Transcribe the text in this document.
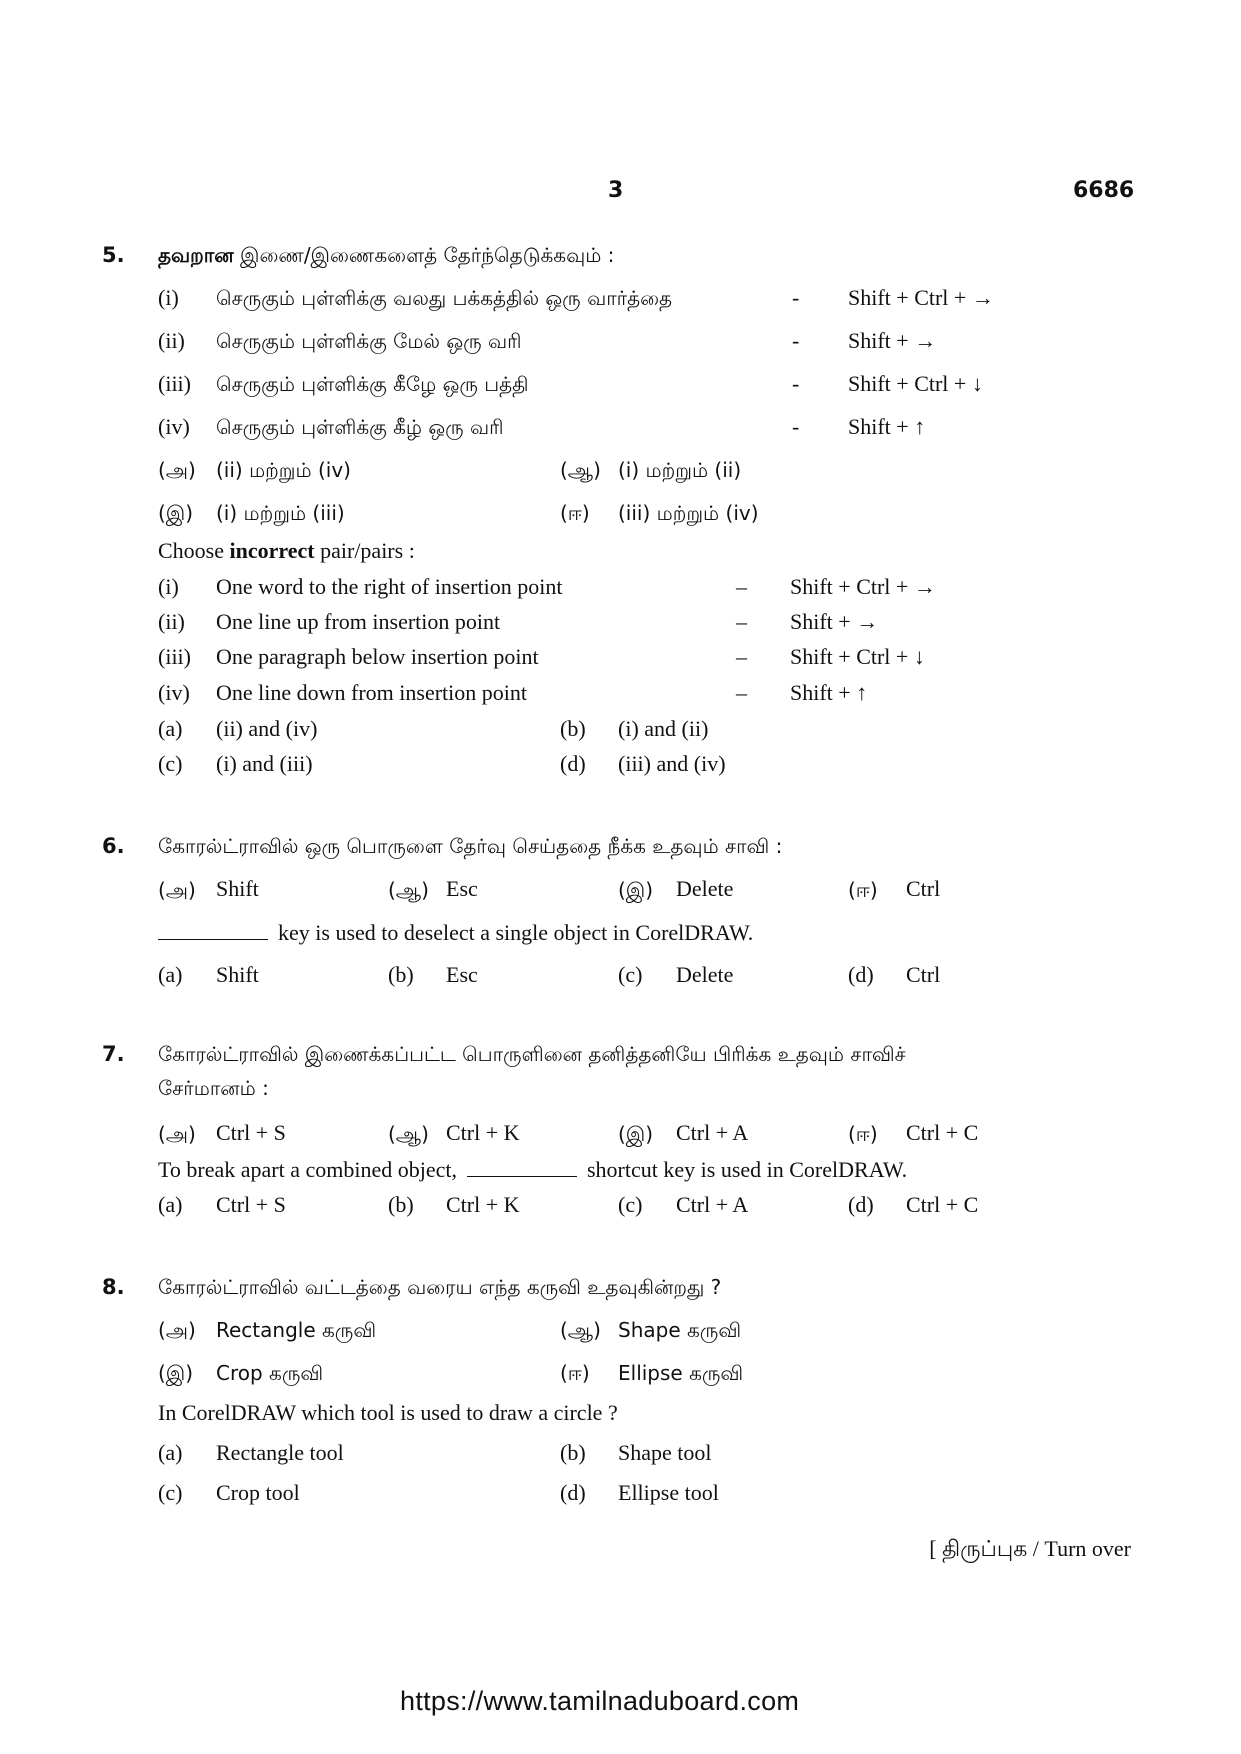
3	6686
5. தவறான இணை/இணைகளைத் தேர்ந்தெடுக்கவும் :
(i) செருகும் புள்ளிக்கு வலது பக்கத்தில் ஒரு வார்த்தை	- Shift + Ctrl + →
(ii) செருகும் புள்ளிக்கு மேல் ஒரு வரி	- Shift + →
(iii) செருகும் புள்ளிக்கு கீழே ஒரு பத்தி	- Shift + Ctrl + ↓
(iv) செருகும் புள்ளிக்கு கீழ் ஒரு வரி	- Shift + ↑
(அ) (ii) மற்றும் (iv)	(ஆ) (i) மற்றும் (ii)
(இ) (i) மற்றும் (iii)	(ஈ) (iii) மற்றும் (iv)
Choose incorrect pair/pairs :
(i) One word to the right of insertion point	– Shift + Ctrl + →
(ii) One line up from insertion point	– Shift + →
(iii) One paragraph below insertion point	– Shift + Ctrl + ↓
(iv) One line down from insertion point	– Shift + ↑
(a) (ii) and (iv)	(b) (i) and (ii)
(c) (i) and (iii)	(d) (iii) and (iv)
6. கோரல்ட்ராவில் ஒரு பொருளை தேர்வு செய்ததை நீக்க உதவும் சாவி :
(அ) Shift	(ஆ) Esc	(இ) Delete	(ஈ) Ctrl
key is used to deselect a single object in CorelDRAW.
(a) Shift	(b) Esc	(c) Delete	(d) Ctrl
7. கோரல்ட்ராவில் இணைக்கப்பட்ட பொருளினை தனித்தனியே பிரிக்க உதவும் சாவிச்
சேர்மானம் :
(அ) Ctrl + S	(ஆ) Ctrl + K	(இ) Ctrl + A	(ஈ) Ctrl + C
To break apart a combined object,	shortcut key is used in CorelDRAW.
(a) Ctrl + S	(b) Ctrl + K	(c) Ctrl + A	(d) Ctrl + C
8. கோரல்ட்ராவில் வட்டத்தை வரைய எந்த கருவி உதவுகின்றது ?
(அ) Rectangle கருவி	(ஆ) Shape கருவி
(இ) Crop கருவி	(ஈ) Ellipse கருவி
In CorelDRAW which tool is used to draw a circle ?
(a) Rectangle tool	(b) Shape tool
(c) Crop tool	(d) Ellipse tool
[ திருப்புக / Turn over
https://www.tamilnaduboard.com
